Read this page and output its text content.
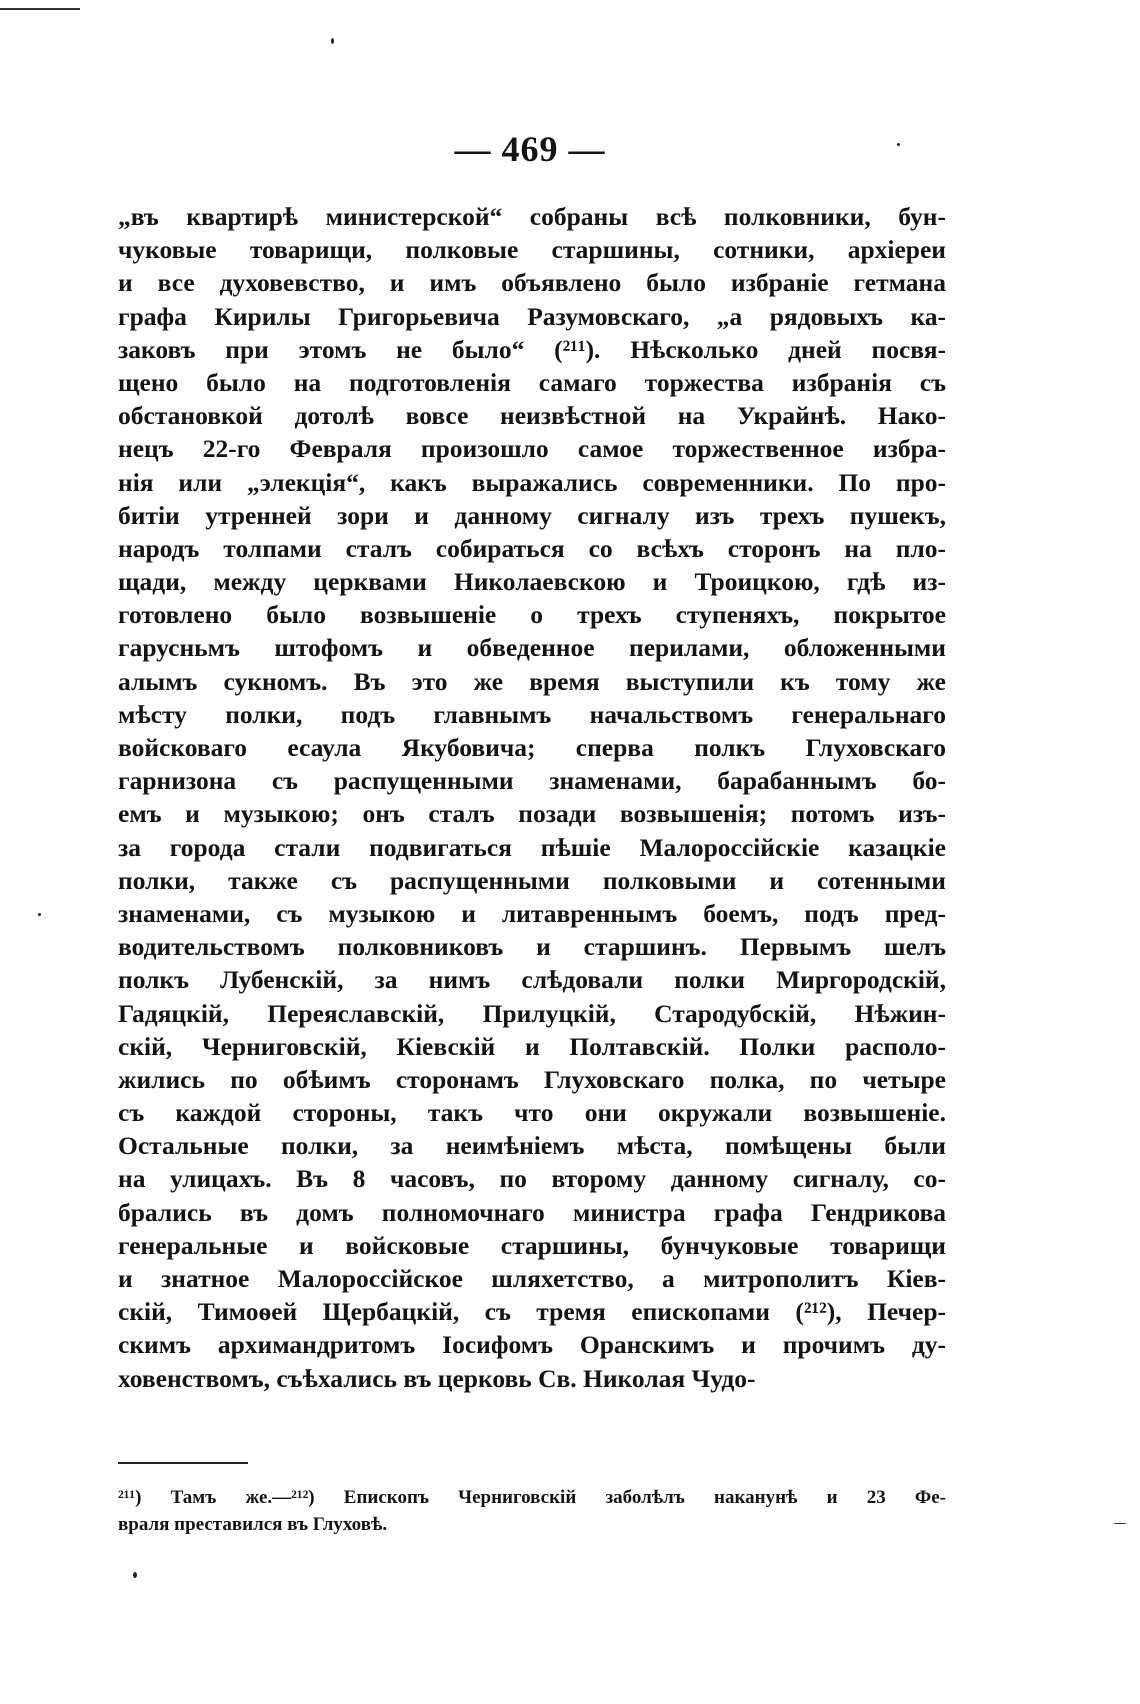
— 469 —
„въ квартирѣ министерской“ собраны всѣ полковники, бун-
чуковые товарищи, полковые старшины, сотники, архіереи
и все духовевство, и имъ объявлено было избраніе гетмана
графа Кирилы Григорьевича Разумовскаго, „а рядовыхъ ка-
заковъ при этомъ не было“ (²¹¹). Нѣсколько дней посвя-
щено было на подготовленія самаго торжества избранія съ
обстановкой дотолѣ вовсе неизвѣстной на Украйнѣ. Нако-
нецъ 22-го Февраля произошло самое торжественное избра-
нія или „элекція“, какъ выражались современники. По про-
битіи утренней зори и данному сигналу изъ трехъ пушекъ,
народъ толпами сталъ собираться со всѣхъ сторонъ на пло-
щади, между церквами Николаевскою и Троицкою, гдѣ из-
готовлено было возвышеніе о трехъ ступеняхъ, покрытое
гарусньмъ штофомъ и обведенное перилами, обложенными
алымъ сукномъ. Въ это же время выступили къ тому же
мѣсту полки, подъ главнымъ начальствомъ генеральнаго
войсковаго есаула Якубовича; сперва полкъ Глуховскаго
гарнизона съ распущенными знаменами, барабаннымъ бо-
емъ и музыкою; онъ сталъ позади возвышенія; потомъ изъ-
за города стали подвигаться пѣшіе Малороссійскіе казацкіе
полки, также съ распущенными полковыми и сотенными
знаменами, съ музыкою и литавреннымъ боемъ, подъ пред-
водительствомъ полковниковъ и старшинъ. Первымъ шелъ
полкъ Лубенскій, за нимъ слѣдовали полки Миргородскій,
Гадяцкій, Переяславскій, Прилуцкій, Стародубскій, Нѣжин-
скій, Черниговскій, Кіевскій и Полтавскій. Полки располо-
жились по обѣимъ сторонамъ Глуховскаго полка, по четыре
съ каждой стороны, такъ что они окружали возвышеніе.
Остальные полки, за неимѣніемъ мѣста, помѣщены были
на улицахъ. Въ 8 часовъ, по второму данному сигналу, со-
брались въ домъ полномочнаго министра графа Гендрикова
генеральные и войсковые старшины, бунчуковые товарищи
и знатное Малороссійское шляхетство, а митрополитъ Кіев-
скій, Тимоѳей Щербацкій, съ тремя епископами (²¹²), Печер-
скимъ архимандритомъ Іосифомъ Оранскимъ и прочимъ ду-
ховенствомъ, съѣхались въ церковь Св. Николая Чудо-
²¹¹) Тамъ же.—²¹²) Епископъ Черниговскій заболѣлъ наканунѣ и 23 Фе-
враля преставился въ Глуховѣ.
